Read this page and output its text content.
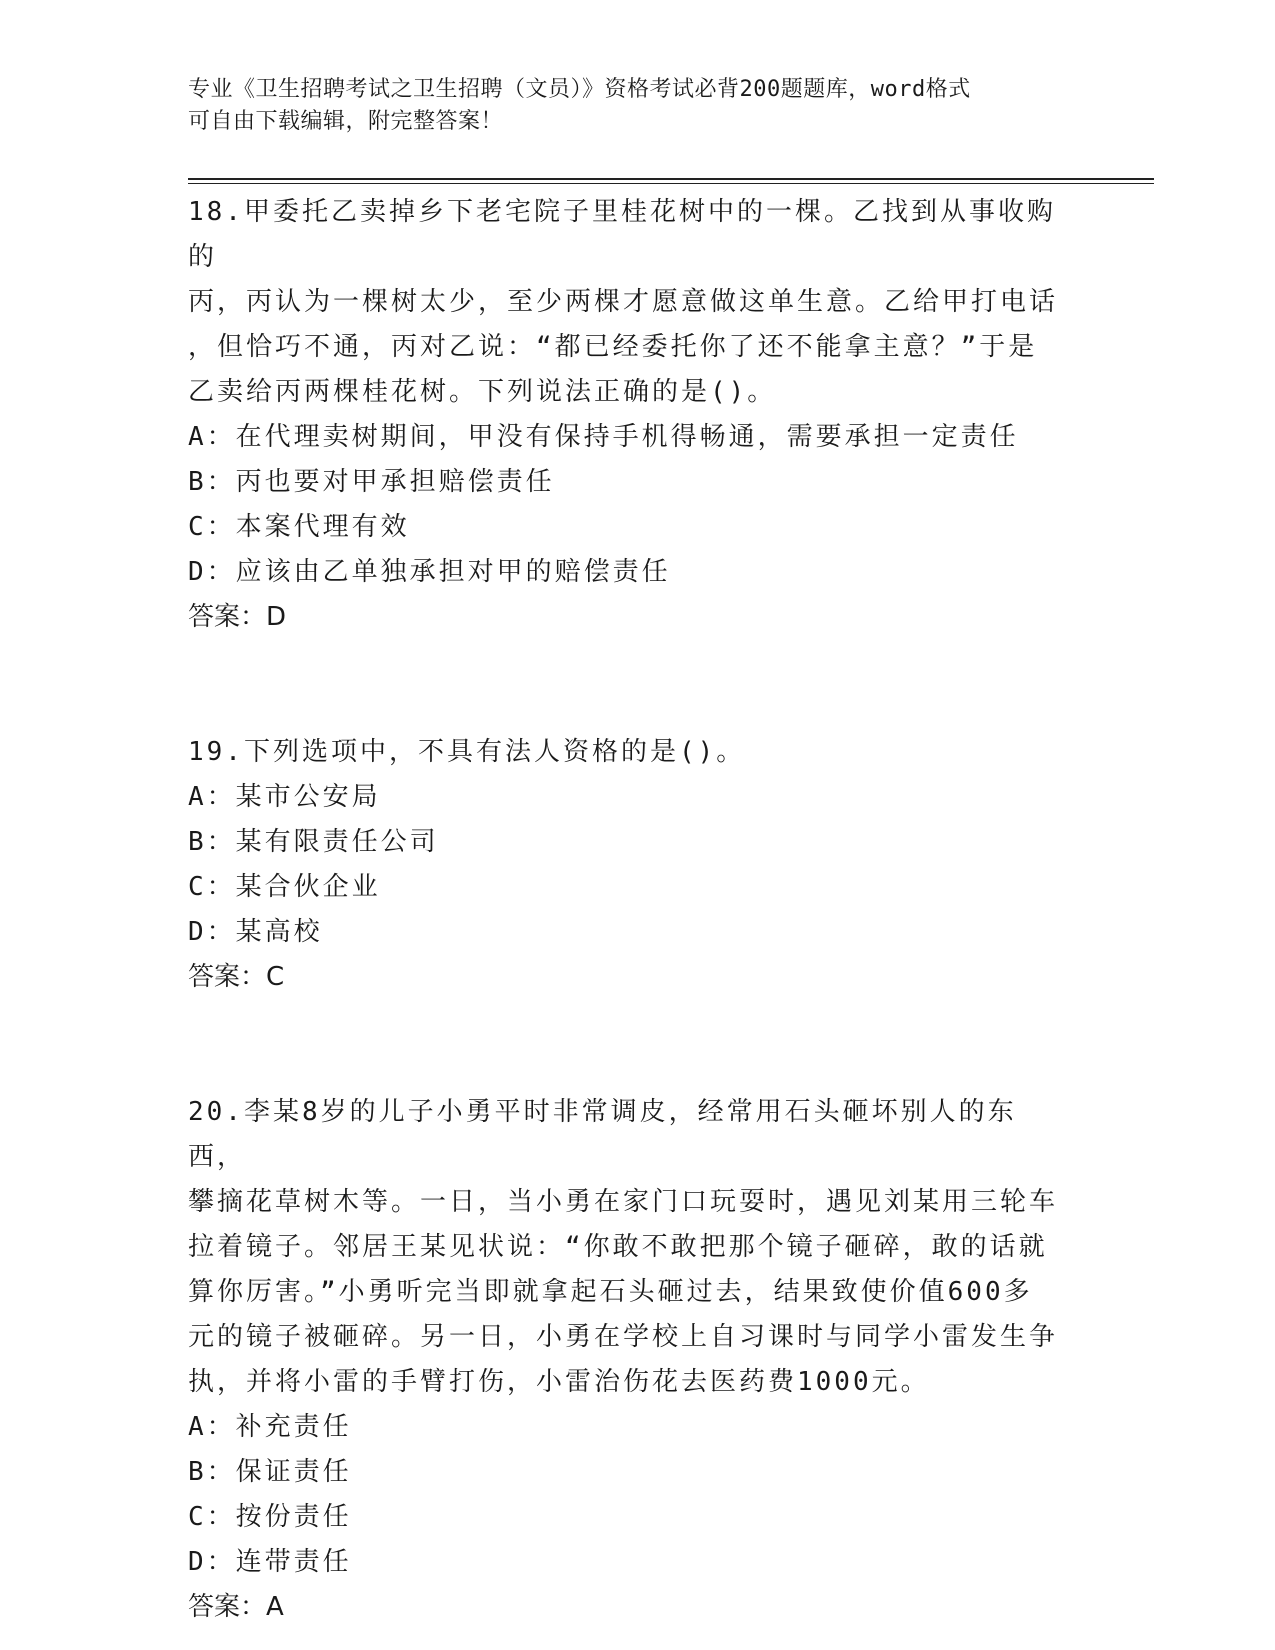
专业《卫生招聘考试之卫生招聘（文员）》资格考试必背200题题库，word格式
可自由下载编辑，附完整答案！
18.甲委托乙卖掉乡下老宅院子里桂花树中的一棵。乙找到从事收购的
丙，丙认为一棵树太少，至少两棵才愿意做这单生意。乙给甲打电话
，但恰巧不通，丙对乙说：“都已经委托你了还不能拿主意？”于是
乙卖给丙两棵桂花树。下列说法正确的是()。
A：在代理卖树期间，甲没有保持手机得畅通，需要承担一定责任
B：丙也要对甲承担赔偿责任
C：本案代理有效
D：应该由乙单独承担对甲的赔偿责任
答案：D
19.下列选项中，不具有法人资格的是()。
A：某市公安局
B：某有限责任公司
C：某合伙企业
D：某高校
答案：C
20.李某8岁的儿子小勇平时非常调皮，经常用石头砸坏别人的东西，
攀摘花草树木等。一日，当小勇在家门口玩耍时，遇见刘某用三轮车
拉着镜子。邻居王某见状说：“你敢不敢把那个镜子砸碎，敢的话就
算你厉害。”小勇听完当即就拿起石头砸过去，结果致使价值600多
元的镜子被砸碎。另一日，小勇在学校上自习课时与同学小雷发生争
执，并将小雷的手臂打伤，小雷治伤花去医药费1000元。
A：补充责任
B：保证责任
C：按份责任
D：连带责任
答案：A
